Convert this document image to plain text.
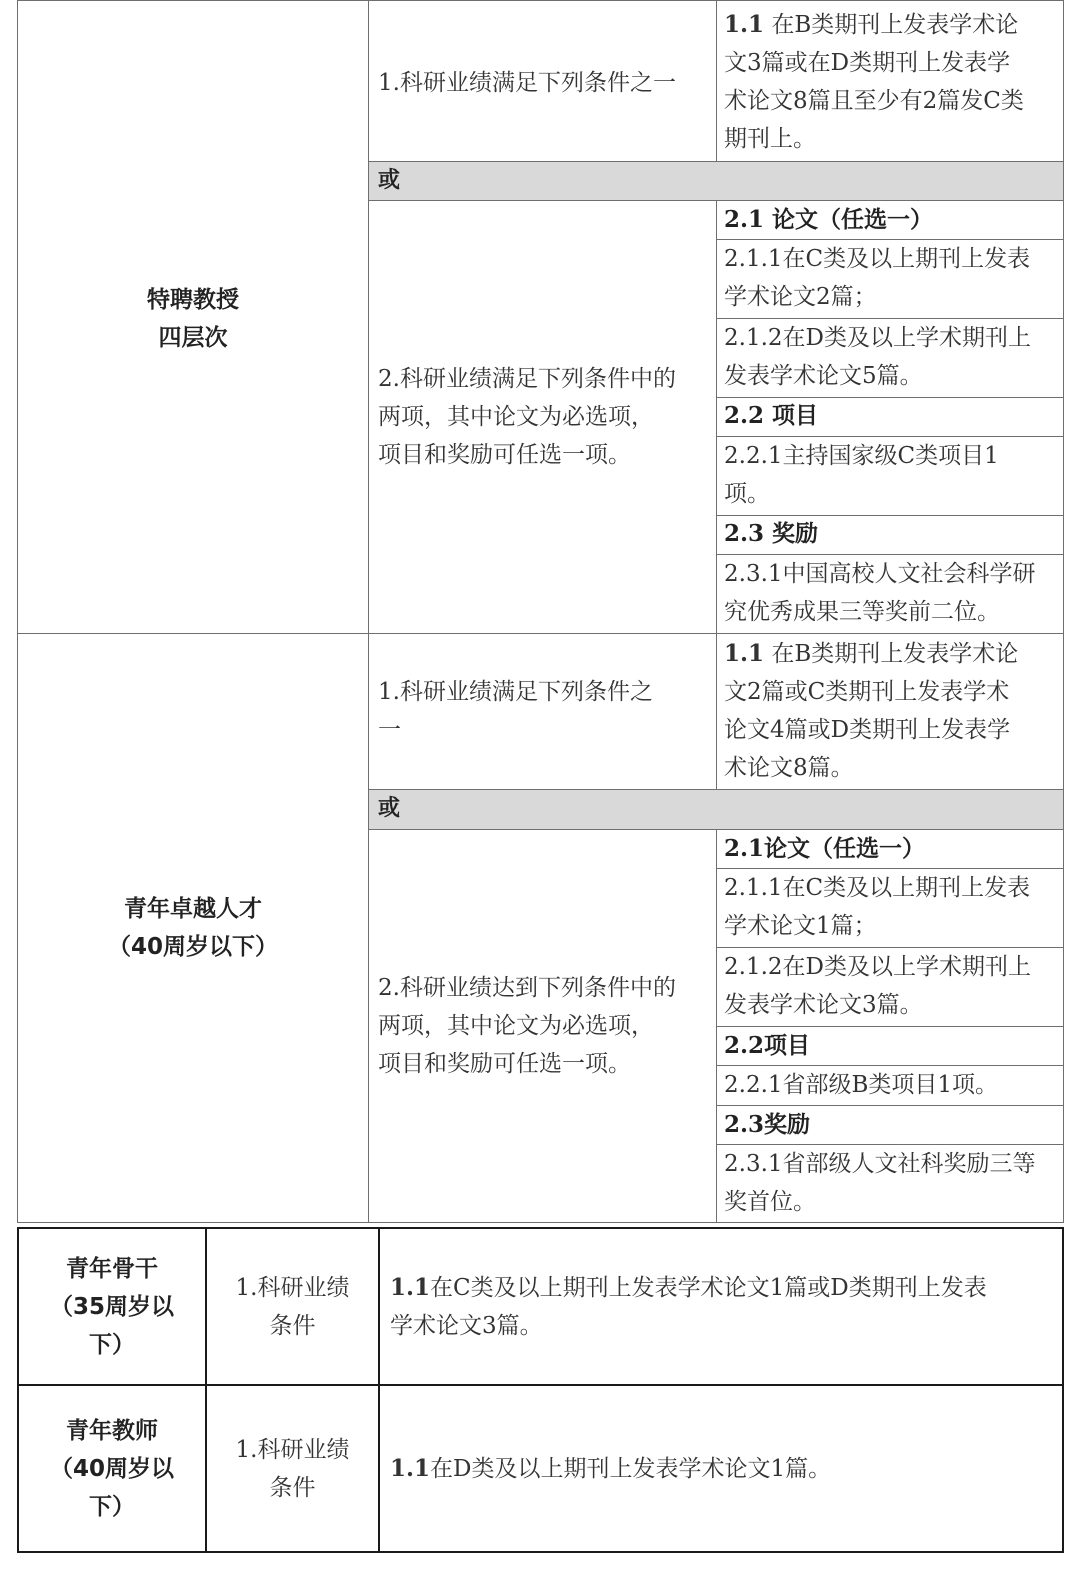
特聘教授
四层次
1.科研业绩满足下列条件之一
1.1 在B类期刊上发表学术论
文3篇或在D类期刊上发表学
术论文8篇且至少有2篇发C类
期刊上。
或
2.科研业绩满足下列条件中的
两项，其中论文为必选项，
项目和奖励可任选一项。
2.1 论文（任选一）
2.1.1在C类及以上期刊上发表
学术论文2篇；
2.1.2在D类及以上学术期刊上
发表学术论文5篇。
2.2 项目
2.2.1主持国家级C类项目1
项。
2.3 奖励
2.3.1中国高校人文社会科学研
究优秀成果三等奖前二位。
青年卓越人才
（40周岁以下）
1.科研业绩满足下列条件之
一
1.1 在B类期刊上发表学术论
文2篇或C类期刊上发表学术
论文4篇或D类期刊上发表学
术论文8篇。
或
2.科研业绩达到下列条件中的
两项，其中论文为必选项，
项目和奖励可任选一项。
2.1论文（任选一）
2.1.1在C类及以上期刊上发表
学术论文1篇；
2.1.2在D类及以上学术期刊上
发表学术论文3篇。
2.2项目
2.2.1省部级B类项目1项。
2.3奖励
2.3.1省部级人文社科奖励三等
奖首位。
青年骨干
（35周岁以
下）
1.科研业绩
条件
1.1在C类及以上期刊上发表学术论文1篇或D类期刊上发表
学术论文3篇。
青年教师
（40周岁以
下）
1.科研业绩
条件
1.1在D类及以上期刊上发表学术论文1篇。
